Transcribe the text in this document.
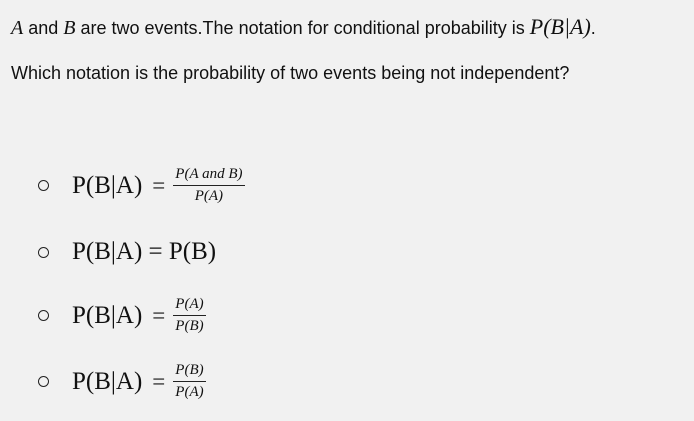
A and B are two events.The notation for conditional probability is P(B|A).
Which notation is the probability of two events being not independent?
$P(B|A) = \frac{\text{P(A and B)}}{P(A)}$
P(B|A) = P(B)
$P(B|A) = \frac{P(A)}{P(B)}$
$P(B|A) = \frac{P(B)}{P(A)}$
